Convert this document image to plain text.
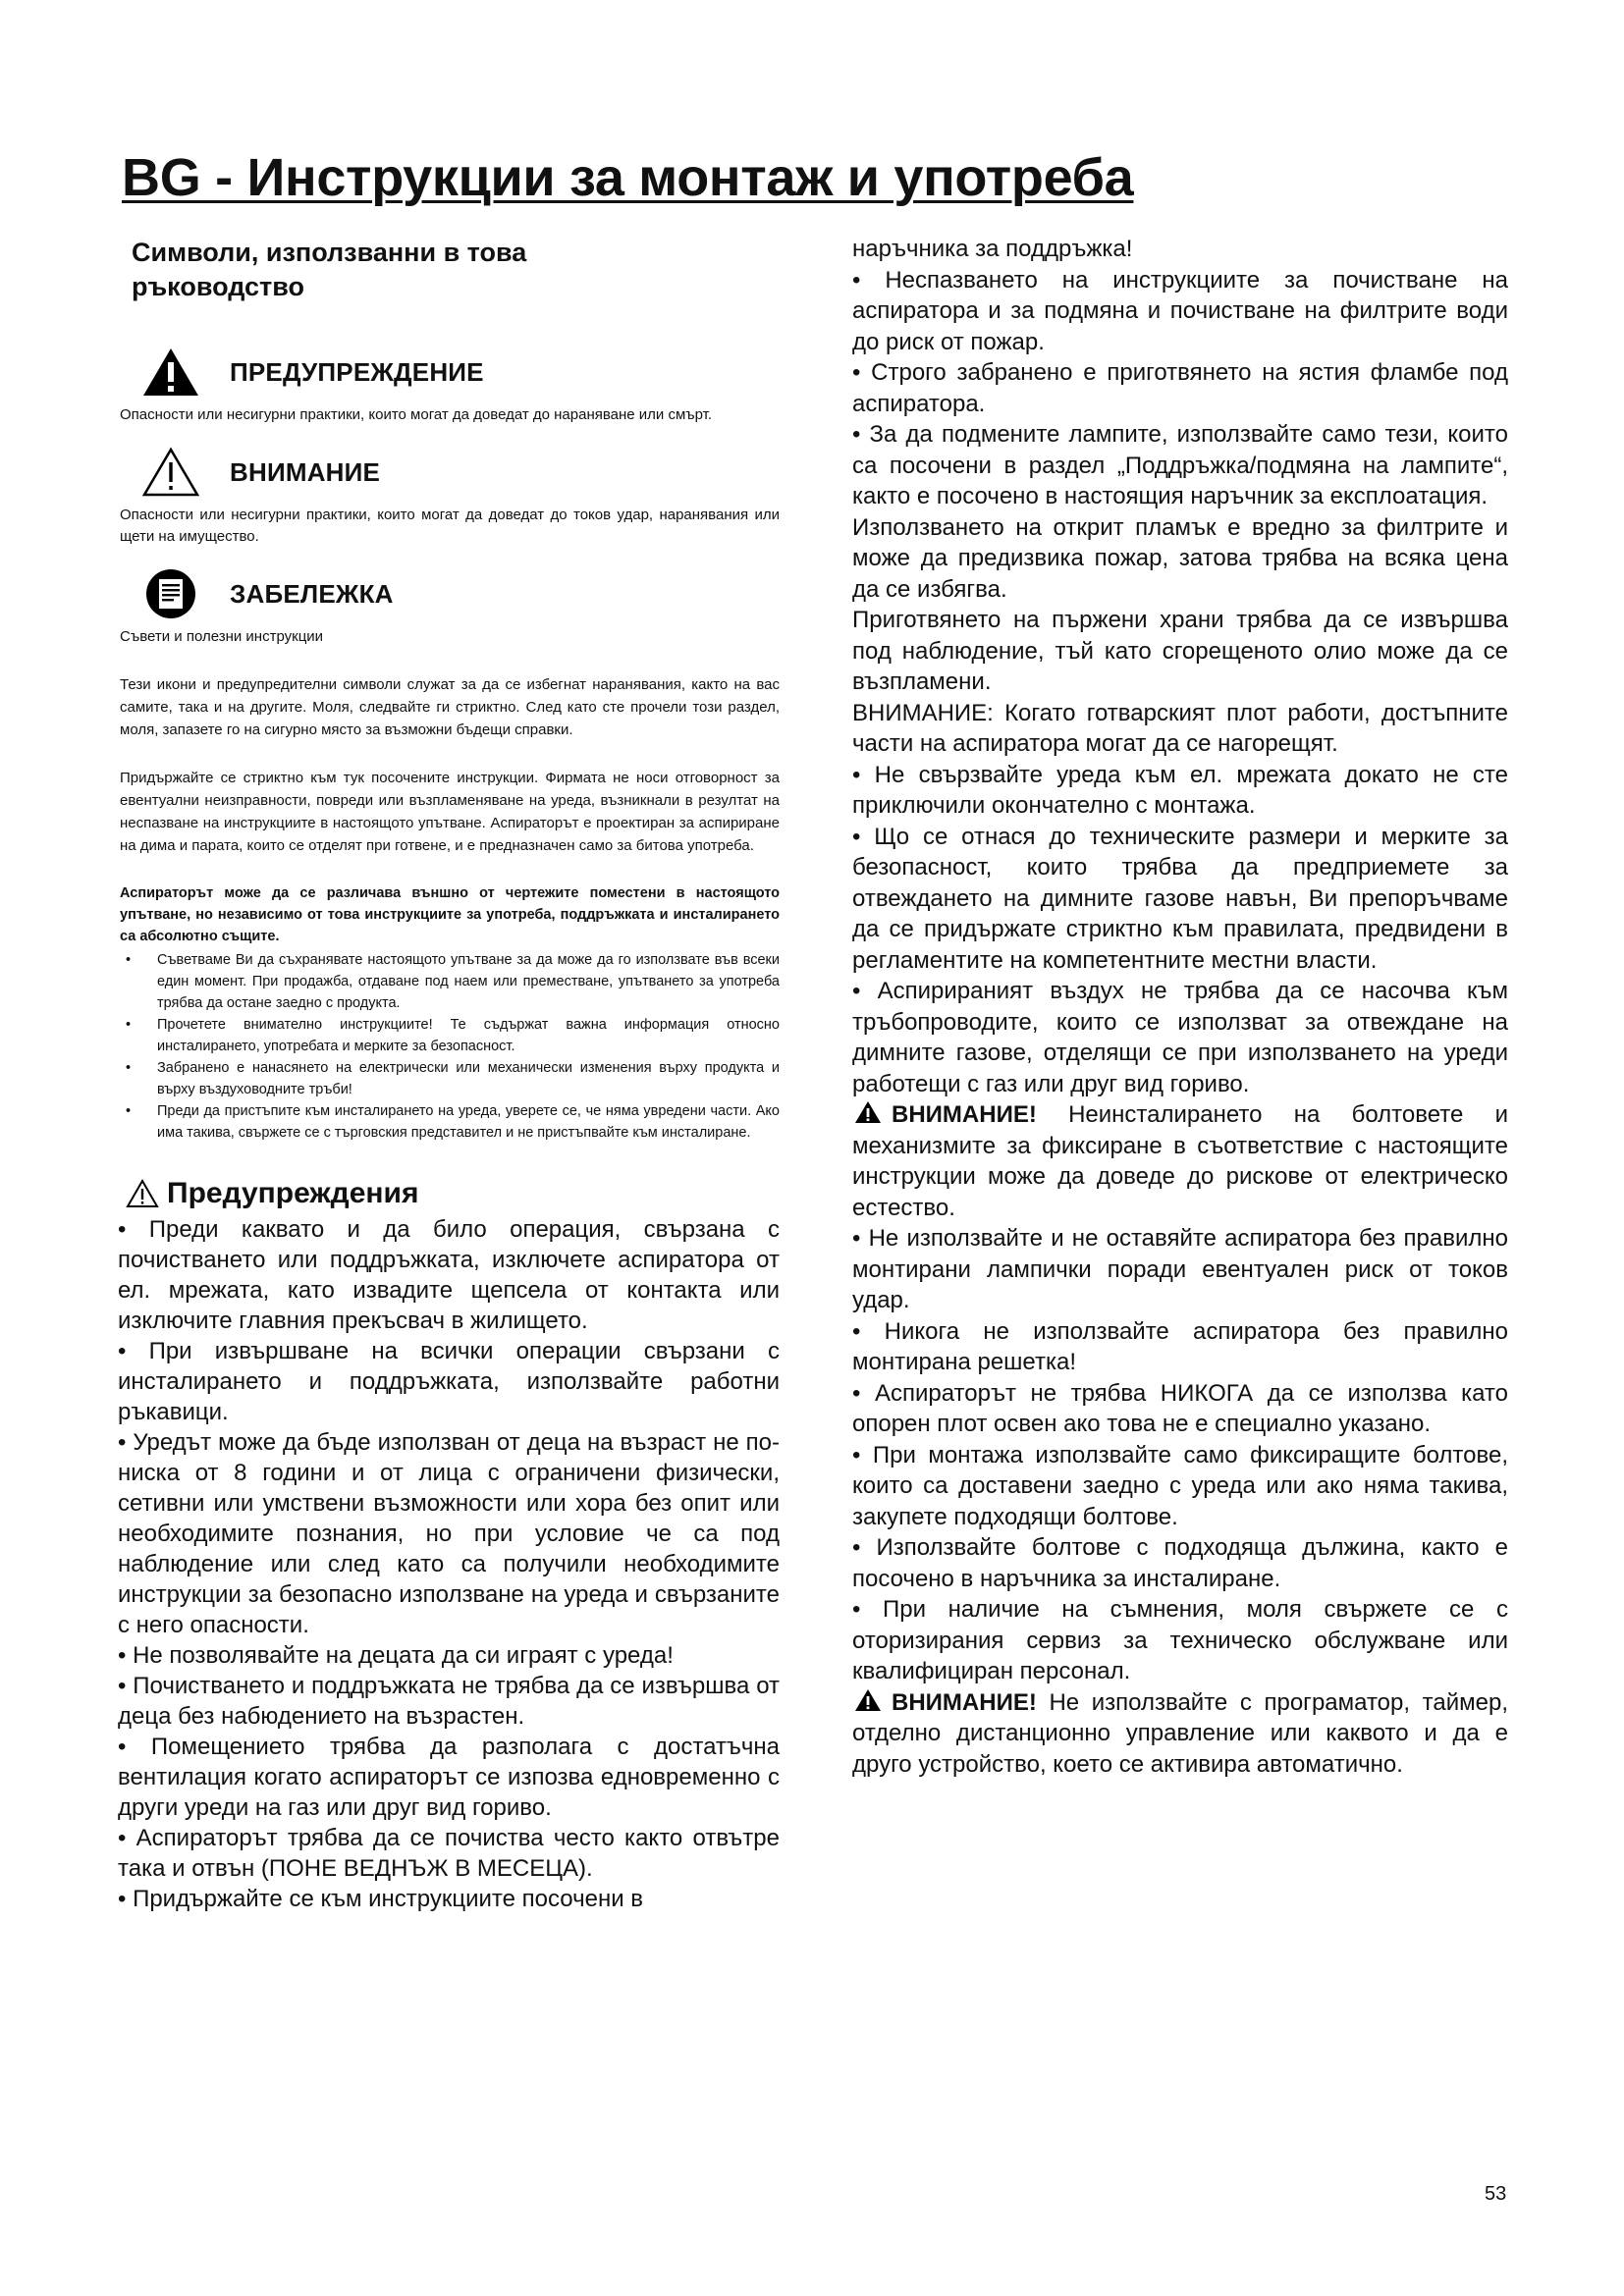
BG - Инструкции за монтаж и употреба
Символи, използванни в това ръководство
ПРЕДУПРЕЖДЕНИЕ
Опасности или несигурни практики, които могат да доведат до нараняване или смърт.
ВНИМАНИЕ
Опасности или несигурни практики, които могат да доведат до токов удар, наранявания или щети на имущество.
ЗАБЕЛЕЖКА
Съвети и полезни инструкции

Тези икони и предупредителни символи служат за да се избегнат наранявания, както на вас самите, така и на другите. Моля, следвайте ги стриктно. След като сте прочели този раздел, моля, запазете го на сигурно място за възможни бъдещи справки.

Придържайте се стриктно към тук посочените инструкции. Фирмата не носи отговорност за евентуални неизправности, повреди или възпламеняване на уреда, възникнали в резултат на неспазване на инструкциите в настоящото упътване. Аспираторът е проектиран за аспириране на дима и парата, които се отделят при готвене, и е предназначен само за битова употреба.

Аспираторът може да се различава външно от чертежите поместени в настоящото упътване, но независимо от това инструкциите за употреба, поддръжката и инсталирането са абсолютно същите.

• Съветваме Ви да съхранявате настоящото упътване за да може да го използвате във всеки един момент. При продажба, отдаване под наем или преместване, упътването за употреба трябва да остане заедно с продукта.
• Прочетете внимателно инструкциите! Те съдържат важна информация относно инсталирането, употребата и мерките за безопасност.
• Забранено е нанасянето на електрически или механически изменения върху продукта и върху въздуховодните тръби!
• Преди да пристъпите към инсталирането на уреда, уверете се, че няма увредени части. Ако има такива, свържете се с търговския представител и не пристъпвайте към инсталиране.
Предупреждения

• Преди каквато и да било операция, свързана с почистването или поддръжката, изключете аспиратора от ел. мрежата, като извадите щепсела от контакта или изключите главния прекъсвач в жилището.

• При извършване на всички операции свързани с инсталирането и поддръжката, използвайте работни ръкавици.

• Уредът може да бъде използван от деца на възраст не по-ниска от 8 години и от лица с ограничени физически, сетивни или умствени възможности или хора без опит или необходимите познания, но при условие че са под наблюдение или след като са получили необходимите инструкции за безопасно използване на уреда и свързаните с него опасности.

• Не позволявайте на децата да си играят с уреда!

• Почистването и поддръжката не трябва да се извършва от деца без набюдението на възрастен.

• Помещението трябва да разполага с достатъчна вентилация когато аспираторът се изпозва едновременно с други уреди на газ или друг вид гориво.

• Аспираторът трябва да се почиства често както отвътре така и отвън (ПОНЕ ВЕДНЪЖ В МЕСЕЦА).

• Придържайте се към инструкциите посочени в

наръчника за поддръжка!

• Неспазването на инструкциите за почистване на аспиратора и за подмяна и почистване на филтрите води до риск от пожар.

• Строго забранено е приготвянето на ястия фламбе под аспиратора.

• За да подмените лампите, използвайте само тези, които са посочени в раздел „Поддръжка/подмяна на лампите“, както е посочено в настоящия наръчник за експлоатация.

Използването на открит пламък е вредно за филтрите и може да предизвика пожар, затова трябва на всяка цена да се избягва.

Приготвянето на пържени храни трябва да се извършва под наблюдение, тъй като сгорещеното олио може да се възпламени.

ВНИМАНИЕ: Когато готварският плот работи, достъпните части на аспиратора могат да се нагорещят.

• Не свързвайте уреда към ел. мрежата докато не сте приключили окончателно с монтажа.

• Що се отнася до техническите размери и мерките за безопасност, които трябва да предприемете за отвеждането на димните газове навън, Ви препоръчваме да се придържате стриктно към правилата, предвидени в регламентите на компетентните местни власти.

• Аспирираният въздух не трябва да се насочва към тръбопроводите, които се използват за отвеждане на димните газове, отделящи се при използването на уреди работещи с газ или друг вид гориво.

ВНИМАНИЕ! Неинсталирането на болтовете и механизмите за фиксиране в съответствие с настоящите инструкции може да доведе до рискове от електрическо естество.

• Не използвайте и не оставяйте аспиратора без правилно монтирани лампички поради евентуален риск от токов удар.

• Никога не използвайте аспиратора без правилно монтирана решетка!

• Аспираторът не трябва НИКОГА да се използва като опорен плот освен ако това не е специално указано.

• При монтажа използвайте само фиксиращите болтове, които са доставени заедно с уреда или ако няма такива, закупете подходящи болтове.

• Използвайте болтове с подходяща дължина, както е посочено в наръчника за инсталиране.

• При наличие на съмнения, моля свържете се с оторизирания сервиз за техническо обслужване или квалифициран персонал.

ВНИМАНИЕ! Не използвайте с програматор, таймер, отделно дистанционно управление или каквото и да е друго устройство, което се активира автоматично.

53
